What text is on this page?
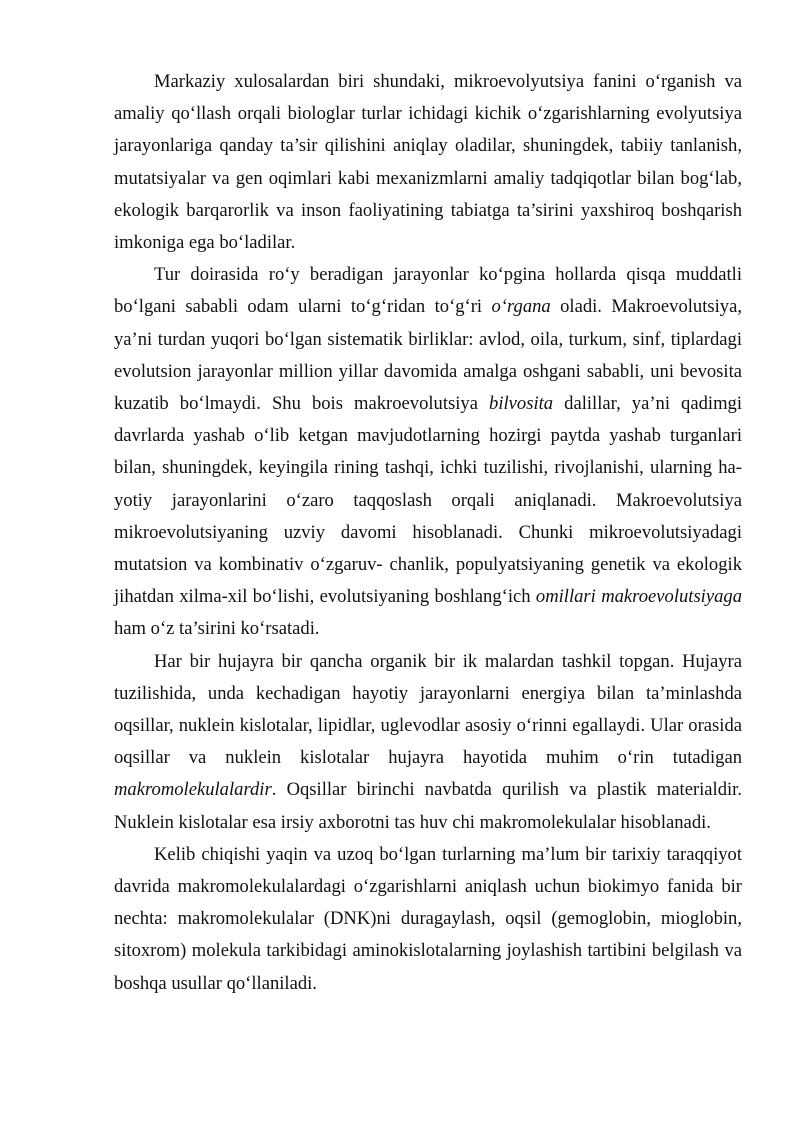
Markaziy xulosalardan biri shundaki, mikroevolyutsiya fanini o‘rganish va amaliy qo‘llash orqali biologlar turlar ichidagi kichik o‘zgarishlarning evolyutsiya jarayonlariga qanday ta’sir qilishini aniqlay oladilar, shuningdek, tabiiy tanlanish, mutatsiyalar va gen oqimlari kabi mexanizmlarni amaliy tadqiqotlar bilan bog‘lab, ekologik barqarorlik va inson faoliyatining tabiatga ta’sirini yaxshiroq boshqarish imkoniga ega bo‘ladilar.

Tur doirasida ro‘y beradigan jarayonlar ko‘pgina hollarda qisqa muddatli bo‘lgani sababli odam ularni to‘g‘ridan to‘g‘ri o‘rgana oladi. Makroevolutsiya, ya’ni turdan yuqori bo‘lgan sistematik birliklar: avlod, oila, turkum, sinf, tiplardagi evolutsion jarayonlar million yillar davomida amalga oshgani sababli, uni bevosita kuzatib bo‘lmaydi. Shu bois makroevolutsiya bilvosita dalillar, ya’ni qadimgi davrlarda yashab o‘lib ketgan mavjudotlarning hozirgi paytda yashab turganlari bilan, shuningdek, keyingila rining tashqi, ichki tuzilishi, rivojlanishi, ularning ha-yotiy jarayonlarini o‘zaro taqqoslash orqali aniqlanadi. Makroevolutsiya mikroevolutsiyaning uzviy davomi hisoblanadi. Chunki mikroevolutsiyadagi mutatsion va kombinativ o‘zgaruv- chanlik, populyatsiyaning genetik va ekologik jihatdan xilma-xil bo‘lishi, evolutsiyaning boshlang‘ich omillari makroevolutsiyaga ham o‘z ta’sirini ko‘rsatadi.

Har bir hujayra bir qancha organik bir ik malardan tashkil topgan. Hujayra tuzilishida, unda kechadigan hayotiy jarayonlarni energiya bilan ta’minlashda oqsillar, nuklein kislotalar, lipidlar, uglevodlar asosiy o‘rinni egallaydi. Ular orasida oqsillar va nuklein kislotalar hujayra hayotida muhim o‘rin tutadigan makromolekulalardir. Oqsillar birinchi navbatda qurilish va plastik materialdir. Nuklein kislotalar esa irsiy axborotni tas huv chi makromolekulalar hisoblanadi.

Kelib chiqishi yaqin va uzoq bo‘lgan turlarning ma’lum bir tarixiy taraqqiyot davrida makromolekulalardagi o‘zgarishlarni aniqlash uchun biokimyo fanida bir nechta: makromolekulalar (DNK)ni duragaylash, oqsil (gemoglobin, mioglobin, sitoxrom) molekula tarkibidagi aminokislotalarning joylashish tartibini belgilash va boshqa usullar qo‘llaniladi.
